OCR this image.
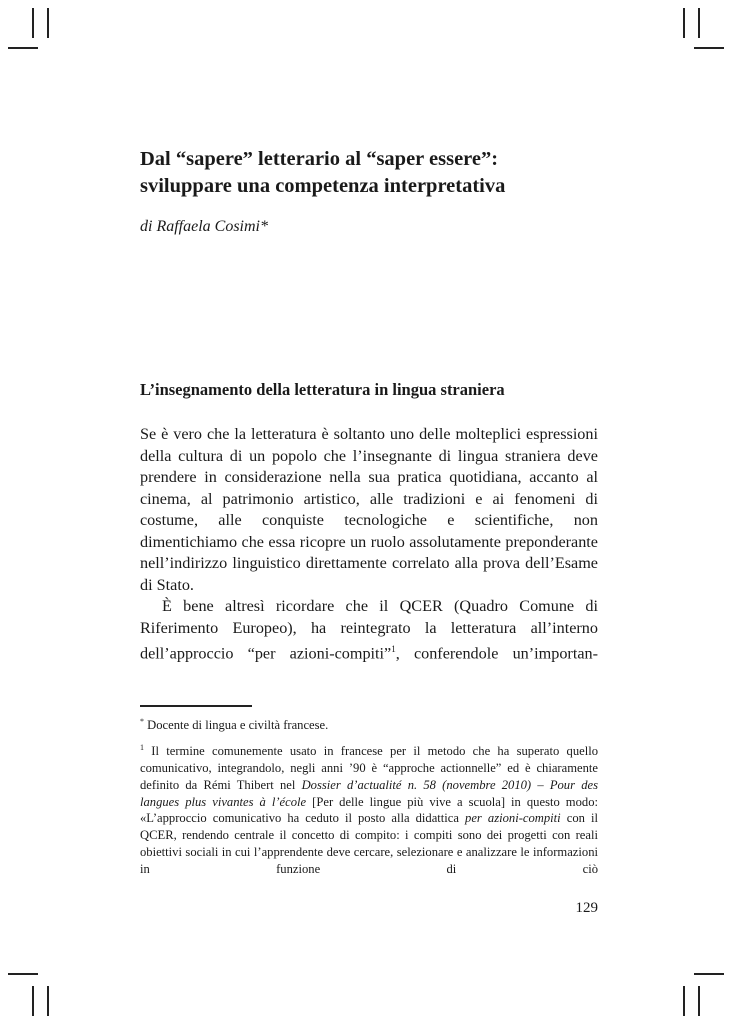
Dal “sapere” letterario al “saper essere”:
sviluppare una competenza interpretativa

di Raffaela Cosimi*

L’insegnamento della letteratura in lingua straniera

Se è vero che la letteratura è soltanto uno delle molteplici espressioni della cultura di un popolo che l’insegnante di lingua straniera deve prendere in considerazione nella sua pratica quotidiana, accanto al cinema, al patrimonio artistico, alle tradizioni e ai fenomeni di costume, alle conquiste tecnologiche e scientifiche, non dimentichiamo che essa ricopre un ruolo assolutamente preponderante nell’indirizzo linguistico direttamente correlato alla prova dell’Esame di Stato.

È bene altresì ricordare che il QCER (Quadro Comune di Riferimento Europeo), ha reintegrato la letteratura all’interno dell’approccio “per azioni-compiti”$^1$, conferendole un’importan-

* Docente di lingua e civiltà francese.

$^1$ Il termine comunemente usato in francese per il metodo che ha superato quello comunicativo, integrandolo, negli anni ’90 è “approche actionnelle” ed è chiaramente definito da Rémi Thibert nel Dossier d’actualité n. 58 (novembre 2010) – Pour des langues plus vivantes à l’école [Per delle lingue più vive a scuola] in questo modo: «L’approccio comunicativo ha ceduto il posto alla didattica per azioni-compiti con il QCER, rendendo centrale il concetto di compito: i compiti sono dei progetti con reali obiettivi sociali in cui l’apprendente deve cercare, selezionare e analizzare le informazioni in funzione di ciò

129
